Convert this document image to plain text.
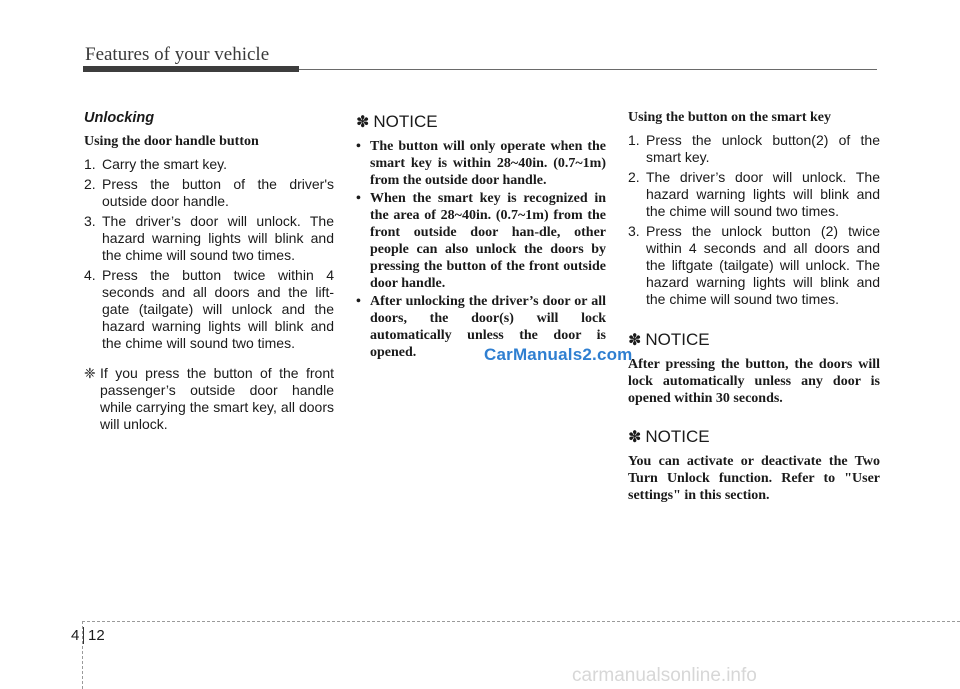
Features of your vehicle
Unlocking
Using the door handle button
1. Carry the smart key.
2. Press the button of the driver's outside door handle.
3. The driver’s door will unlock. The hazard warning lights will blink and the chime will sound two times.
4. Press the button twice within 4 seconds and all doors and the lift-gate (tailgate) will unlock and the hazard warning lights will blink and the chime will sound two times.
❈ If you press the button of the front passenger’s outside door handle while carrying the smart key, all doors will unlock.
✽ NOTICE
• The button will only operate when the smart key is within 28~40in. (0.7~1m) from the outside door handle.
• When the smart key is recognized in the area of 28~40in. (0.7~1m) from the front outside door han-dle, other people can also unlock the doors by pressing the button of the front outside door handle.
• After unlocking the driver’s door or all doors, the door(s) will lock automatically unless the door is opened.
Using the button on the smart key
1. Press the unlock button(2) of the smart key.
2. The driver’s door will unlock. The hazard warning lights will blink and the chime will sound two times.
3. Press the unlock button (2) twice within 4 seconds and all doors and the liftgate (tailgate) will unlock. The hazard warning lights will blink and the chime will sound two times.
✽ NOTICE

After pressing the button, the doors will lock automatically unless any door is opened within 30 seconds.

✽ NOTICE

You can activate or deactivate the Two Turn Unlock function. Refer to "User settings" in this section.

CarManuals2.com
4 12
carmanualsonline.info
